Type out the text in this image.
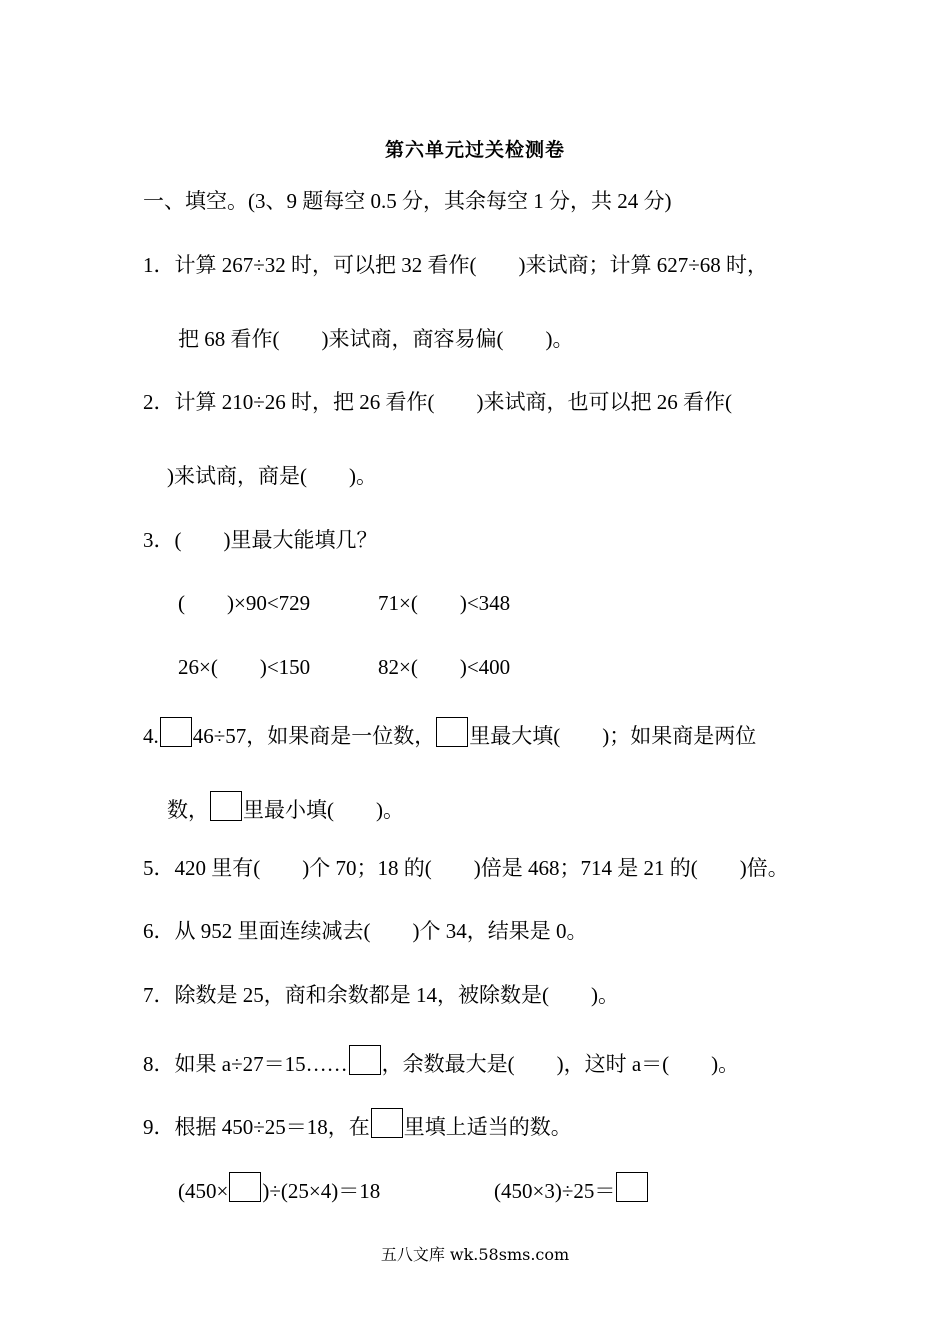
第六单元过关检测卷
一、填空。(3、9 题每空 0.5 分，其余每空 1 分，共 24 分)
1．计算 267÷32 时，可以把 32 看作(　　)来试商；计算 627÷68 时，
把 68 看作(　　)来试商，商容易偏(　　)。
2．计算 210÷26 时，把 26 看作(　　)来试商，也可以把 26 看作(
)来试商，商是(　　)。
3．(　　)里最大能填几？
(　　)×90<729	71×(　　)<348
26×(　　)<150	82×(　　)<400
4. 46÷57，如果商是一位数， 里最大填(　　)；如果商是两位
数， 里最小填(　　)。
5．420 里有(　　)个 70；18 的(　　)倍是 468；714 是 21 的(　　)倍。
6．从 952 里面连续减去(　　)个 34，结果是 0。
7．除数是 25，商和余数都是 14，被除数是(　　)。
8．如果 a÷27＝15…… ，余数最大是(　　)，这时 a＝(　　)。
9．根据 450÷25＝18，在 里填上适当的数。
(450× )÷(25×4)＝18	(450×3)÷25＝
五八文库 wk.58sms.com
